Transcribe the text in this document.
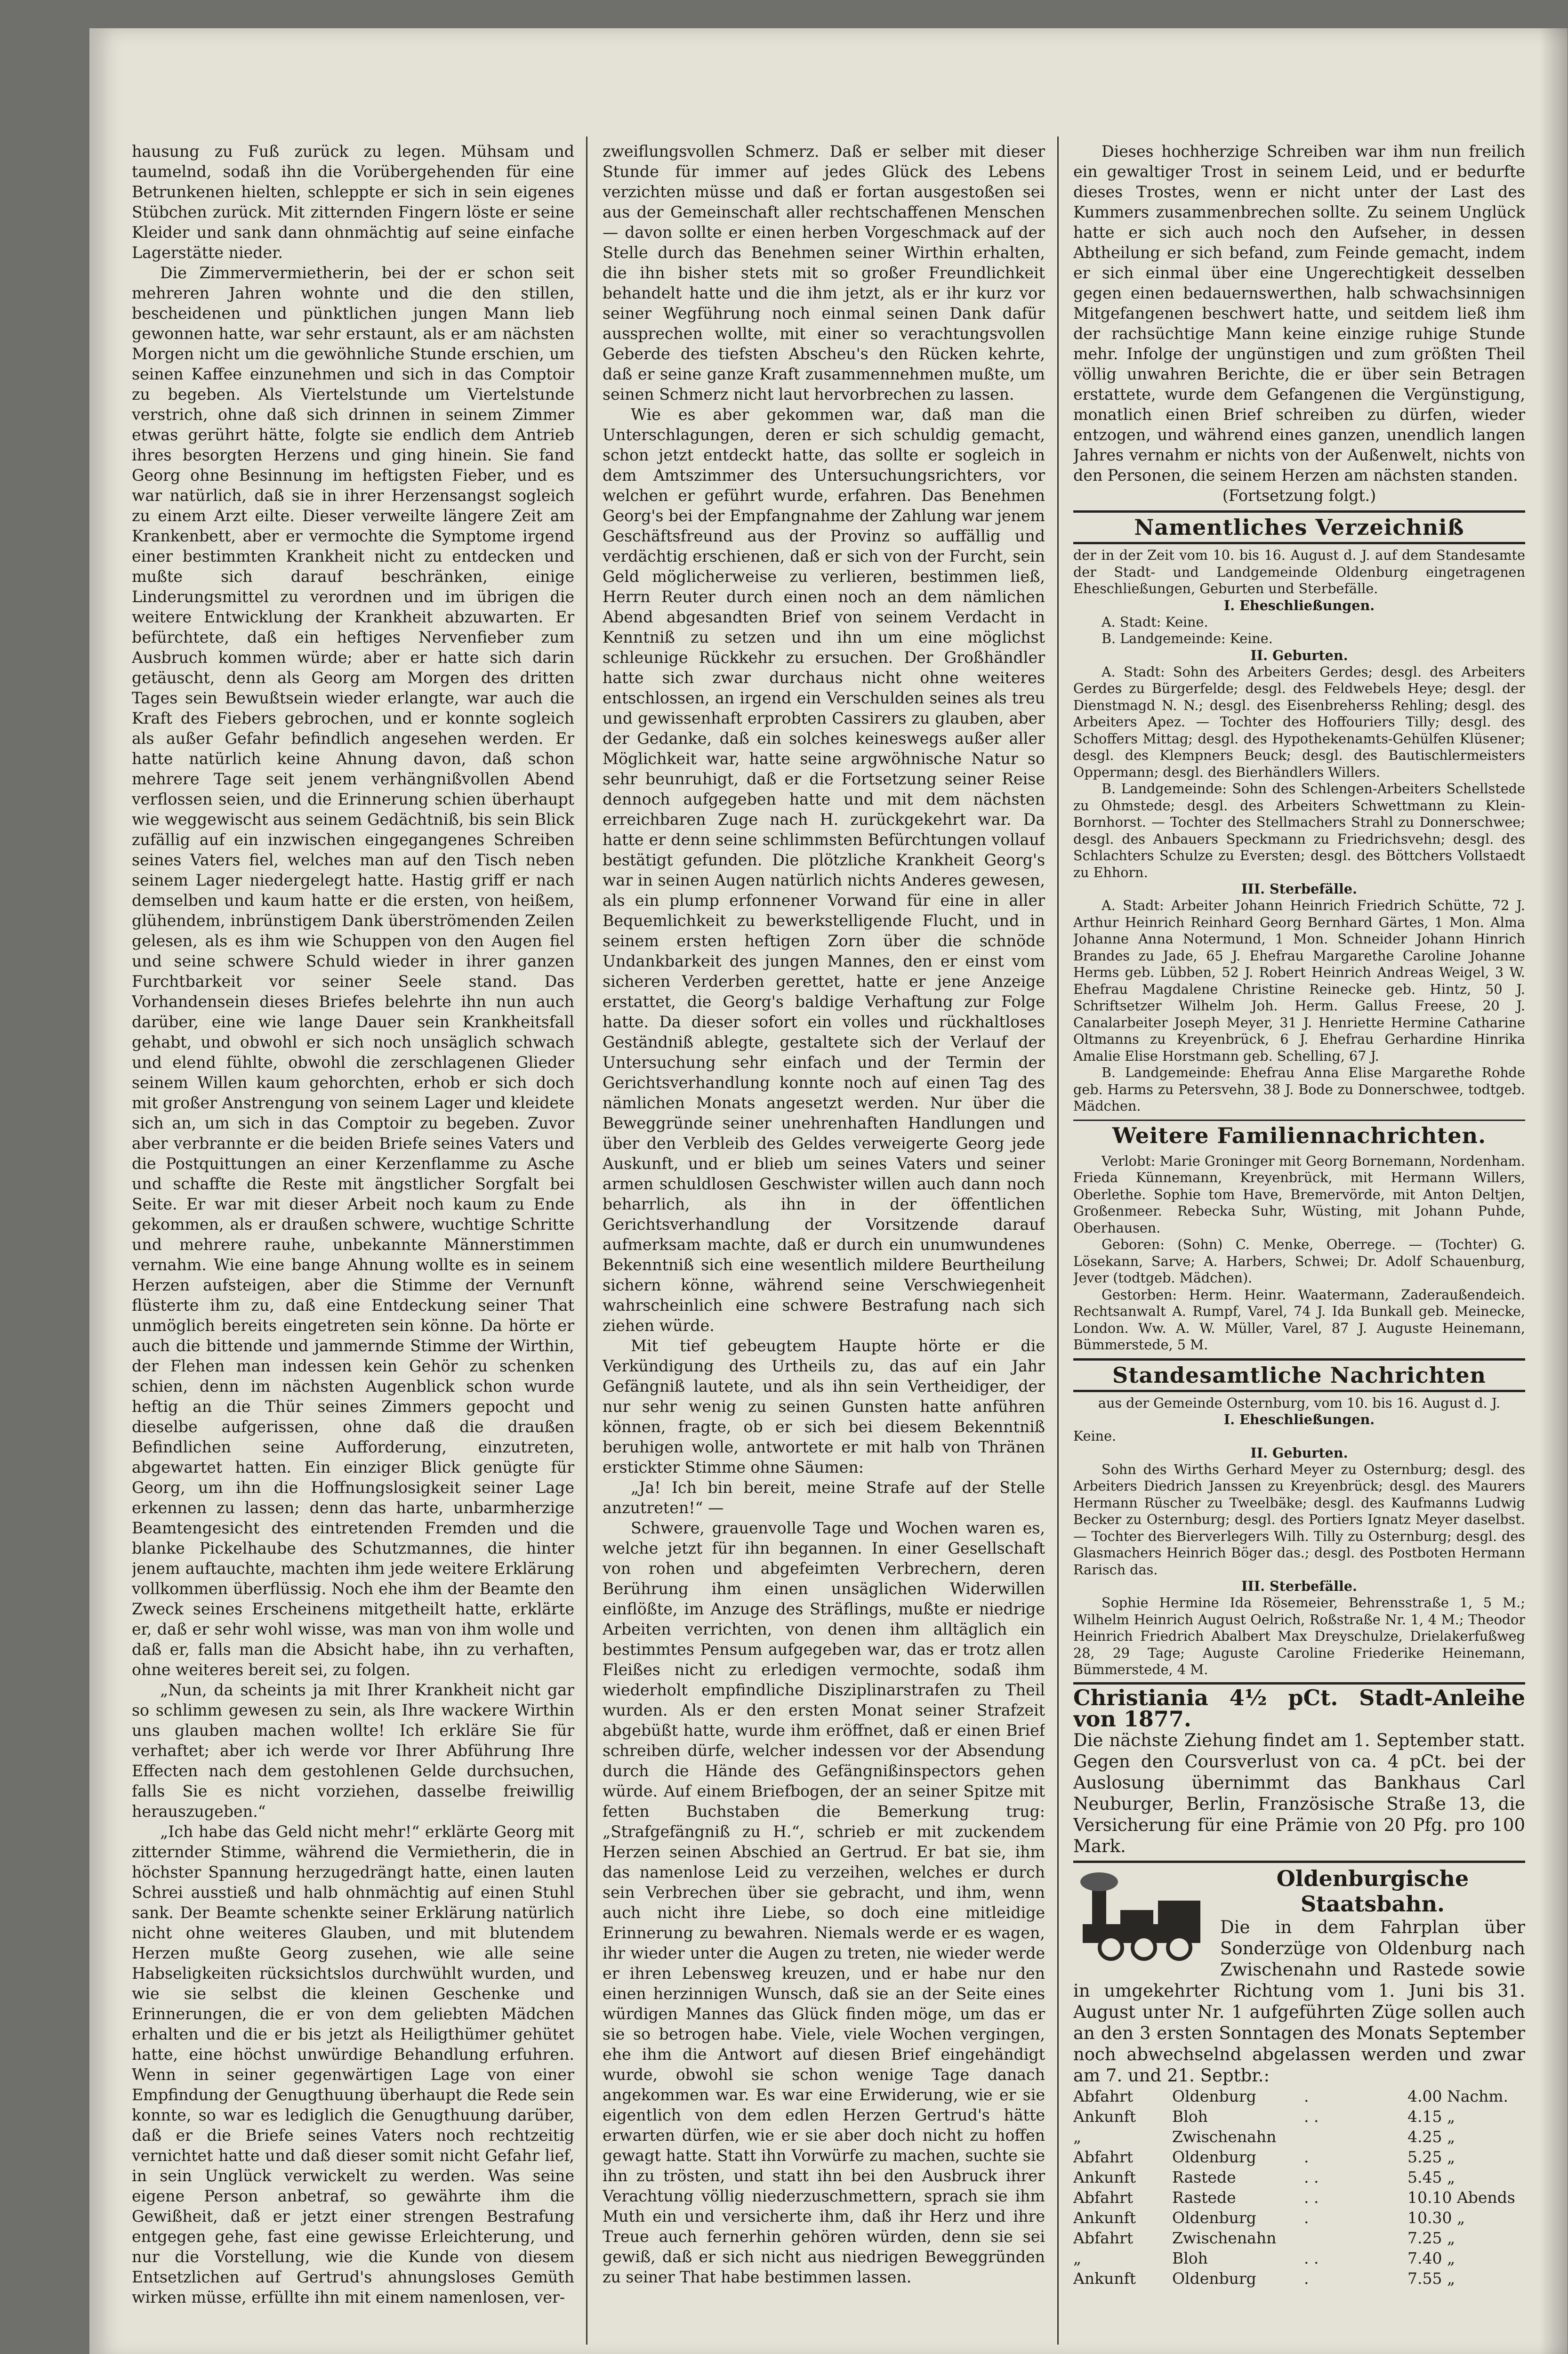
hausung zu Fuß zurück zu legen. Mühsam und taumelnd, sodaß ihn die Vorübergehenden für eine Betrunkenen hielten, schleppte er sich in sein eigenes Stübchen zurück. Mit zitternden Fingern löste er seine Kleider und sank dann ohnmächtig auf seine einfache Lagerstätte nieder.

Die Zimmervermietherin, bei der er schon seit mehreren Jahren wohnte und die den stillen, bescheidenen und pünktlichen jungen Mann lieb gewonnen hatte, war sehr erstaunt, als er am nächsten Morgen nicht um die gewöhnliche Stunde erschien, um seinen Kaffee einzunehmen und sich in das Comptoir zu begeben. Als Viertelstunde um Viertelstunde verstrich, ohne daß sich drinnen in seinem Zimmer etwas gerührt hätte, folgte sie endlich dem Antrieb ihres besorgten Herzens und ging hinein. Sie fand Georg ohne Besinnung im heftigsten Fieber, und es war natürlich, daß sie in ihrer Herzensangst sogleich zu einem Arzt eilte. Dieser verweilte längere Zeit am Krankenbett, aber er vermochte die Symptome irgend einer bestimmten Krankheit nicht zu entdecken und mußte sich darauf beschränken, einige Linderungsmittel zu verordnen und im übrigen die weitere Entwicklung der Krankheit abzuwarten. Er befürchtete, daß ein heftiges Nervenfieber zum Ausbruch kommen würde; aber er hatte sich darin getäuscht, denn als Georg am Morgen des dritten Tages sein Bewußtsein wieder erlangte, war auch die Kraft des Fiebers gebrochen, und er konnte sogleich als außer Gefahr befindlich angesehen werden. Er hatte natürlich keine Ahnung davon, daß schon mehrere Tage seit jenem verhängnißvollen Abend verflossen seien, und die Erinnerung schien überhaupt wie weggewischt aus seinem Gedächtniß, bis sein Blick zufällig auf ein inzwischen eingegangenes Schreiben seines Vaters fiel, welches man auf den Tisch neben seinem Lager niedergelegt hatte. Hastig griff er nach demselben und kaum hatte er die ersten, von heißem, glühendem, inbrünstigem Dank überströmenden Zeilen gelesen, als es ihm wie Schuppen von den Augen fiel und seine schwere Schuld wieder in ihrer ganzen Furchtbarkeit vor seiner Seele stand. Das Vorhandensein dieses Briefes belehrte ihn nun auch darüber, eine wie lange Dauer sein Krankheitsfall gehabt, und obwohl er sich noch unsäglich schwach und elend fühlte, obwohl die zerschlagenen Glieder seinem Willen kaum gehorchten, erhob er sich doch mit großer Anstrengung von seinem Lager und kleidete sich an, um sich in das Comptoir zu begeben. Zuvor aber verbrannte er die beiden Briefe seines Vaters und die Postquittungen an einer Kerzenflamme zu Asche und schaffte die Reste mit ängstlicher Sorgfalt bei Seite. Er war mit dieser Arbeit noch kaum zu Ende gekommen, als er draußen schwere, wuchtige Schritte und mehrere rauhe, unbekannte Männerstimmen vernahm. Wie eine bange Ahnung wollte es in seinem Herzen aufsteigen, aber die Stimme der Vernunft flüsterte ihm zu, daß eine Entdeckung seiner That unmöglich bereits eingetreten sein könne. Da hörte er auch die bittende und jammernde Stimme der Wirthin, der Flehen man indessen kein Gehör zu schenken schien, denn im nächsten Augenblick schon wurde heftig an die Thür seines Zimmers gepocht und dieselbe aufgerissen, ohne daß die draußen Befindlichen seine Aufforderung, einzutreten, abgewartet hatten. Ein einziger Blick genügte für Georg, um ihn die Hoffnungslosigkeit seiner Lage erkennen zu lassen; denn das harte, unbarmherzige Beamtengesicht des eintretenden Fremden und die blanke Pickelhaube des Schutzmannes, die hinter jenem auftauchte, machten ihm jede weitere Erklärung vollkommen überflüssig. Noch ehe ihm der Beamte den Zweck seines Erscheinens mitgetheilt hatte, erklärte er, daß er sehr wohl wisse, was man von ihm wolle und daß er, falls man die Absicht habe, ihn zu verhaften, ohne weiteres bereit sei, zu folgen.

„Nun, da scheints ja mit Ihrer Krankheit nicht gar so schlimm gewesen zu sein, als Ihre wackere Wirthin uns glauben machen wollte! Ich erkläre Sie für verhaftet; aber ich werde vor Ihrer Abführung Ihre Effecten nach dem gestohlenen Gelde durchsuchen, falls Sie es nicht vorziehen, dasselbe freiwillig herauszugeben.“

„Ich habe das Geld nicht mehr!“ erklärte Georg mit zitternder Stimme, während die Vermietherin, die in höchster Spannung herzugedrängt hatte, einen lauten Schrei ausstieß und halb ohnmächtig auf einen Stuhl sank. Der Beamte schenkte seiner Erklärung natürlich nicht ohne weiteres Glauben, und mit blutendem Herzen mußte Georg zusehen, wie alle seine Habseligkeiten rücksichtslos durchwühlt wurden, und wie sie selbst die kleinen Geschenke und Erinnerungen, die er von dem geliebten Mädchen erhalten und die er bis jetzt als Heiligthümer gehütet hatte, eine höchst unwürdige Behandlung erfuhren. Wenn in seiner gegenwärtigen Lage von einer Empfindung der Genugthuung überhaupt die Rede sein konnte, so war es lediglich die Genugthuung darüber, daß er die Briefe seines Vaters noch rechtzeitig vernichtet hatte und daß dieser somit nicht Gefahr lief, in sein Unglück verwickelt zu werden. Was seine eigene Person anbetraf, so gewährte ihm die Gewißheit, daß er jetzt einer strengen Bestrafung entgegen gehe, fast eine gewisse Erleichterung, und nur die Vorstellung, wie die Kunde von diesem Entsetzlichen auf Gertrud's ahnungsloses Gemüth wirken müsse, erfüllte ihn mit einem namenlosen, ver-

zweiflungsvollen Schmerz. Daß er selber mit dieser Stunde für immer auf jedes Glück des Lebens verzichten müsse und daß er fortan ausgestoßen sei aus der Gemeinschaft aller rechtschaffenen Menschen — davon sollte er einen herben Vorgeschmack auf der Stelle durch das Benehmen seiner Wirthin erhalten, die ihn bisher stets mit so großer Freundlichkeit behandelt hatte und die ihm jetzt, als er ihr kurz vor seiner Wegführung noch einmal seinen Dank dafür aussprechen wollte, mit einer so verachtungsvollen Geberde des tiefsten Abscheu's den Rücken kehrte, daß er seine ganze Kraft zusammennehmen mußte, um seinen Schmerz nicht laut hervorbrechen zu lassen.

Wie es aber gekommen war, daß man die Unterschlagungen, deren er sich schuldig gemacht, schon jetzt entdeckt hatte, das sollte er sogleich in dem Amtszimmer des Untersuchungsrichters, vor welchen er geführt wurde, erfahren. Das Benehmen Georg's bei der Empfangnahme der Zahlung war jenem Geschäftsfreund aus der Provinz so auffällig und verdächtig erschienen, daß er sich von der Furcht, sein Geld möglicherweise zu verlieren, bestimmen ließ, Herrn Reuter durch einen noch an dem nämlichen Abend abgesandten Brief von seinem Verdacht in Kenntniß zu setzen und ihn um eine möglichst schleunige Rückkehr zu ersuchen. Der Großhändler hatte sich zwar durchaus nicht ohne weiteres entschlossen, an irgend ein Verschulden seines als treu und gewissenhaft erprobten Cassirers zu glauben, aber der Gedanke, daß ein solches keineswegs außer aller Möglichkeit war, hatte seine argwöhnische Natur so sehr beunruhigt, daß er die Fortsetzung seiner Reise dennoch aufgegeben hatte und mit dem nächsten erreichbaren Zuge nach H. zurückgekehrt war. Da hatte er denn seine schlimmsten Befürchtungen vollauf bestätigt gefunden. Die plötzliche Krankheit Georg's war in seinen Augen natürlich nichts Anderes gewesen, als ein plump erfonnener Vorwand für eine in aller Bequemlichkeit zu bewerkstelligende Flucht, und in seinem ersten heftigen Zorn über die schnöde Undankbarkeit des jungen Mannes, den er einst vom sicheren Verderben gerettet, hatte er jene Anzeige erstattet, die Georg's baldige Verhaftung zur Folge hatte. Da dieser sofort ein volles und rückhaltloses Geständniß ablegte, gestaltete sich der Verlauf der Untersuchung sehr einfach und der Termin der Gerichtsverhandlung konnte noch auf einen Tag des nämlichen Monats angesetzt werden. Nur über die Beweggründe seiner unehrenhaften Handlungen und über den Verbleib des Geldes verweigerte Georg jede Auskunft, und er blieb um seines Vaters und seiner armen schuldlosen Geschwister willen auch dann noch beharrlich, als ihn in der öffentlichen Gerichtsverhandlung der Vorsitzende darauf aufmerksam machte, daß er durch ein unumwundenes Bekenntniß sich eine wesentlich mildere Beurtheilung sichern könne, während seine Verschwiegenheit wahrscheinlich eine schwere Bestrafung nach sich ziehen würde.

Mit tief gebeugtem Haupte hörte er die Verkündigung des Urtheils zu, das auf ein Jahr Gefängniß lautete, und als ihn sein Vertheidiger, der nur sehr wenig zu seinen Gunsten hatte anführen können, fragte, ob er sich bei diesem Bekenntniß beruhigen wolle, antwortete er mit halb von Thränen erstickter Stimme ohne Säumen:

„Ja! Ich bin bereit, meine Strafe auf der Stelle anzutreten!“ —

Schwere, grauenvolle Tage und Wochen waren es, welche jetzt für ihn begannen. In einer Gesellschaft von rohen und abgefeimten Verbrechern, deren Berührung ihm einen unsäglichen Widerwillen einflößte, im Anzuge des Sträflings, mußte er niedrige Arbeiten verrichten, von denen ihm alltäglich ein bestimmtes Pensum aufgegeben war, das er trotz allen Fleißes nicht zu erledigen vermochte, sodaß ihm wiederholt empfindliche Disziplinarstrafen zu Theil wurden. Als er den ersten Monat seiner Strafzeit abgebüßt hatte, wurde ihm eröffnet, daß er einen Brief schreiben dürfe, welcher indessen vor der Absendung durch die Hände des Gefängnißinspectors gehen würde. Auf einem Briefbogen, der an seiner Spitze mit fetten Buchstaben die Bemerkung trug: „Strafgefängniß zu H.“, schrieb er mit zuckendem Herzen seinen Abschied an Gertrud. Er bat sie, ihm das namenlose Leid zu verzeihen, welches er durch sein Verbrechen über sie gebracht, und ihm, wenn auch nicht ihre Liebe, so doch eine mitleidige Erinnerung zu bewahren. Niemals werde er es wagen, ihr wieder unter die Augen zu treten, nie wieder werde er ihren Lebensweg kreuzen, und er habe nur den einen herzinnigen Wunsch, daß sie an der Seite eines würdigen Mannes das Glück finden möge, um das er sie so betrogen habe. Viele, viele Wochen vergingen, ehe ihm die Antwort auf diesen Brief eingehändigt wurde, obwohl sie schon wenige Tage danach angekommen war. Es war eine Erwiderung, wie er sie eigentlich von dem edlen Herzen Gertrud's hätte erwarten dürfen, wie er sie aber doch nicht zu hoffen gewagt hatte. Statt ihn Vorwürfe zu machen, suchte sie ihn zu trösten, und statt ihn bei den Ausbruck ihrer Verachtung völlig niederzuschmettern, sprach sie ihm Muth ein und versicherte ihm, daß ihr Herz und ihre Treue auch fernerhin gehören würden, denn sie sei gewiß, daß er sich nicht aus niedrigen Beweggründen zu seiner That habe bestimmen lassen.

Dieses hochherzige Schreiben war ihm nun freilich ein gewaltiger Trost in seinem Leid, und er bedurfte dieses Trostes, wenn er nicht unter der Last des Kummers zusammenbrechen sollte. Zu seinem Unglück hatte er sich auch noch den Aufseher, in dessen Abtheilung er sich befand, zum Feinde gemacht, indem er sich einmal über eine Ungerechtigkeit desselben gegen einen bedauernswerthen, halb schwachsinnigen Mitgefangenen beschwert hatte, und seitdem ließ ihm der rachsüchtige Mann keine einzige ruhige Stunde mehr. Infolge der ungünstigen und zum größten Theil völlig unwahren Berichte, die er über sein Betragen erstattete, wurde dem Gefangenen die Vergünstigung, monatlich einen Brief schreiben zu dürfen, wieder entzogen, und während eines ganzen, unendlich langen Jahres vernahm er nichts von der Außenwelt, nichts von den Personen, die seinem Herzen am nächsten standen.

(Fortsetzung folgt.)

Namentliches Verzeichniß

der in der Zeit vom 10. bis 16. August d. J. auf dem Standesamte der Stadt- und Landgemeinde Oldenburg eingetragenen Eheschließungen, Geburten und Sterbefälle.

I. Eheschließungen.

A. Stadt: Keine.

B. Landgemeinde: Keine.

II. Geburten.

A. Stadt: Sohn des Arbeiters Gerdes; desgl. des Arbeiters Gerdes zu Bürgerfelde; desgl. des Feldwebels Heye; desgl. der Dienstmagd N. N.; desgl. des Eisenbreherss Rehling; desgl. des Arbeiters Apez. — Tochter des Hoffouriers Tilly; desgl. des Schoffers Mittag; desgl. des Hypothekenamts-Gehülfen Klüsener; desgl. des Klempners Beuck; desgl. des Bautischlermeisters Oppermann; desgl. des Bierhändlers Willers.

B. Landgemeinde: Sohn des Schlengen-Arbeiters Schellstede zu Ohmstede; desgl. des Arbeiters Schwettmann zu Klein-Bornhorst. — Tochter des Stellmachers Strahl zu Donnerschwee; desgl. des Anbauers Speckmann zu Friedrichsvehn; desgl. des Schlachters Schulze zu Eversten; desgl. des Böttchers Vollstaedt zu Ehhorn.

III. Sterbefälle.

A. Stadt: Arbeiter Johann Heinrich Friedrich Schütte, 72 J. Arthur Heinrich Reinhard Georg Bernhard Gärtes, 1 Mon. Alma Johanne Anna Notermund, 1 Mon. Schneider Johann Hinrich Brandes zu Jade, 65 J. Ehefrau Margarethe Caroline Johanne Herms geb. Lübben, 52 J. Robert Heinrich Andreas Weigel, 3 W. Ehefrau Magdalene Christine Reinecke geb. Hintz, 50 J. Schriftsetzer Wilhelm Joh. Herm. Gallus Freese, 20 J. Canalarbeiter Joseph Meyer, 31 J. Henriette Hermine Catharine Oltmanns zu Kreyenbrück, 6 J. Ehefrau Gerhardine Hinrika Amalie Elise Horstmann geb. Schelling, 67 J.

B. Landgemeinde: Ehefrau Anna Elise Margarethe Rohde geb. Harms zu Petersvehn, 38 J. Bode zu Donnerschwee, todtgeb. Mädchen.

Weitere Familiennachrichten.

Verlobt: Marie Groninger mit Georg Bornemann, Nordenham. Frieda Künnemann, Kreyenbrück, mit Hermann Willers, Oberlethe. Sophie tom Have, Bremervörde, mit Anton Deltjen, Großenmeer. Rebecka Suhr, Wüsting, mit Johann Puhde, Oberhausen.

Geboren: (Sohn) C. Menke, Oberrege. — (Tochter) G. Lösekann, Sarve; A. Harbers, Schwei; Dr. Adolf Schauenburg, Jever (todtgeb. Mädchen).

Gestorben: Herm. Heinr. Waatermann, Zaderaußendeich. Rechtsanwalt A. Rumpf, Varel, 74 J. Ida Bunkall geb. Meinecke, London. Ww. A. W. Müller, Varel, 87 J. Auguste Heinemann, Bümmerstede, 5 M.

Standesamtliche Nachrichten

aus der Gemeinde Osternburg, vom 10. bis 16. August d. J.

I. Eheschließungen.

Keine.

II. Geburten.

Sohn des Wirths Gerhard Meyer zu Osternburg; desgl. des Arbeiters Diedrich Janssen zu Kreyenbrück; desgl. des Maurers Hermann Rüscher zu Tweelbäke; desgl. des Kaufmanns Ludwig Becker zu Osternburg; desgl. des Portiers Ignatz Meyer daselbst. — Tochter des Bierverlegers Wilh. Tilly zu Osternburg; desgl. des Glasmachers Heinrich Böger das.; desgl. des Postboten Hermann Rarisch das.

III. Sterbefälle.

Sophie Hermine Ida Rösemeier, Behrensstraße 1, 5 M.; Wilhelm Heinrich August Oelrich, Roßstraße Nr. 1, 4 M.; Theodor Heinrich Friedrich Abalbert Max Dreyschulze, Drielakerfußweg 28, 29 Tage; Auguste Caroline Friederike Heinemann, Bümmerstede, 4 M.

Christiania 4½ pCt. Stadt-Anleihe von 1877.

Die nächste Ziehung findet am 1. September statt. Gegen den Coursverlust von ca. 4 pCt. bei der Auslosung übernimmt das Bankhaus Carl Neuburger, Berlin, Französische Straße 13, die Versicherung für eine Prämie von 20 Pfg. pro 100 Mark.

Oldenburgische Staatsbahn.

Die in dem Fahrplan über Sonderzüge von Oldenburg nach Zwischenahn und Rastede sowie in umgekehrter Richtung vom 1. Juni bis 31. August unter Nr. 1 aufgeführten Züge sollen auch an den 3 ersten Sonntagen des Monats September noch abwechselnd abgelassen werden und zwar am 7. und 21. Septbr.:

Abfahrt	Oldenburg	.	4.00 Nachm.
Ankunft	Bloh	. .	4.15 „
„	Zwischenahn	4.25 „
Abfahrt	Oldenburg	.	5.25 „
Ankunft	Rastede	. .	5.45 „
Abfahrt	Rastede	. .	10.10 Abends
Ankunft	Oldenburg	.	10.30 „
Abfahrt	Zwischenahn	7.25 „
„	Bloh	. .	7.40 „
Ankunft	Oldenburg	.	7.55 „
